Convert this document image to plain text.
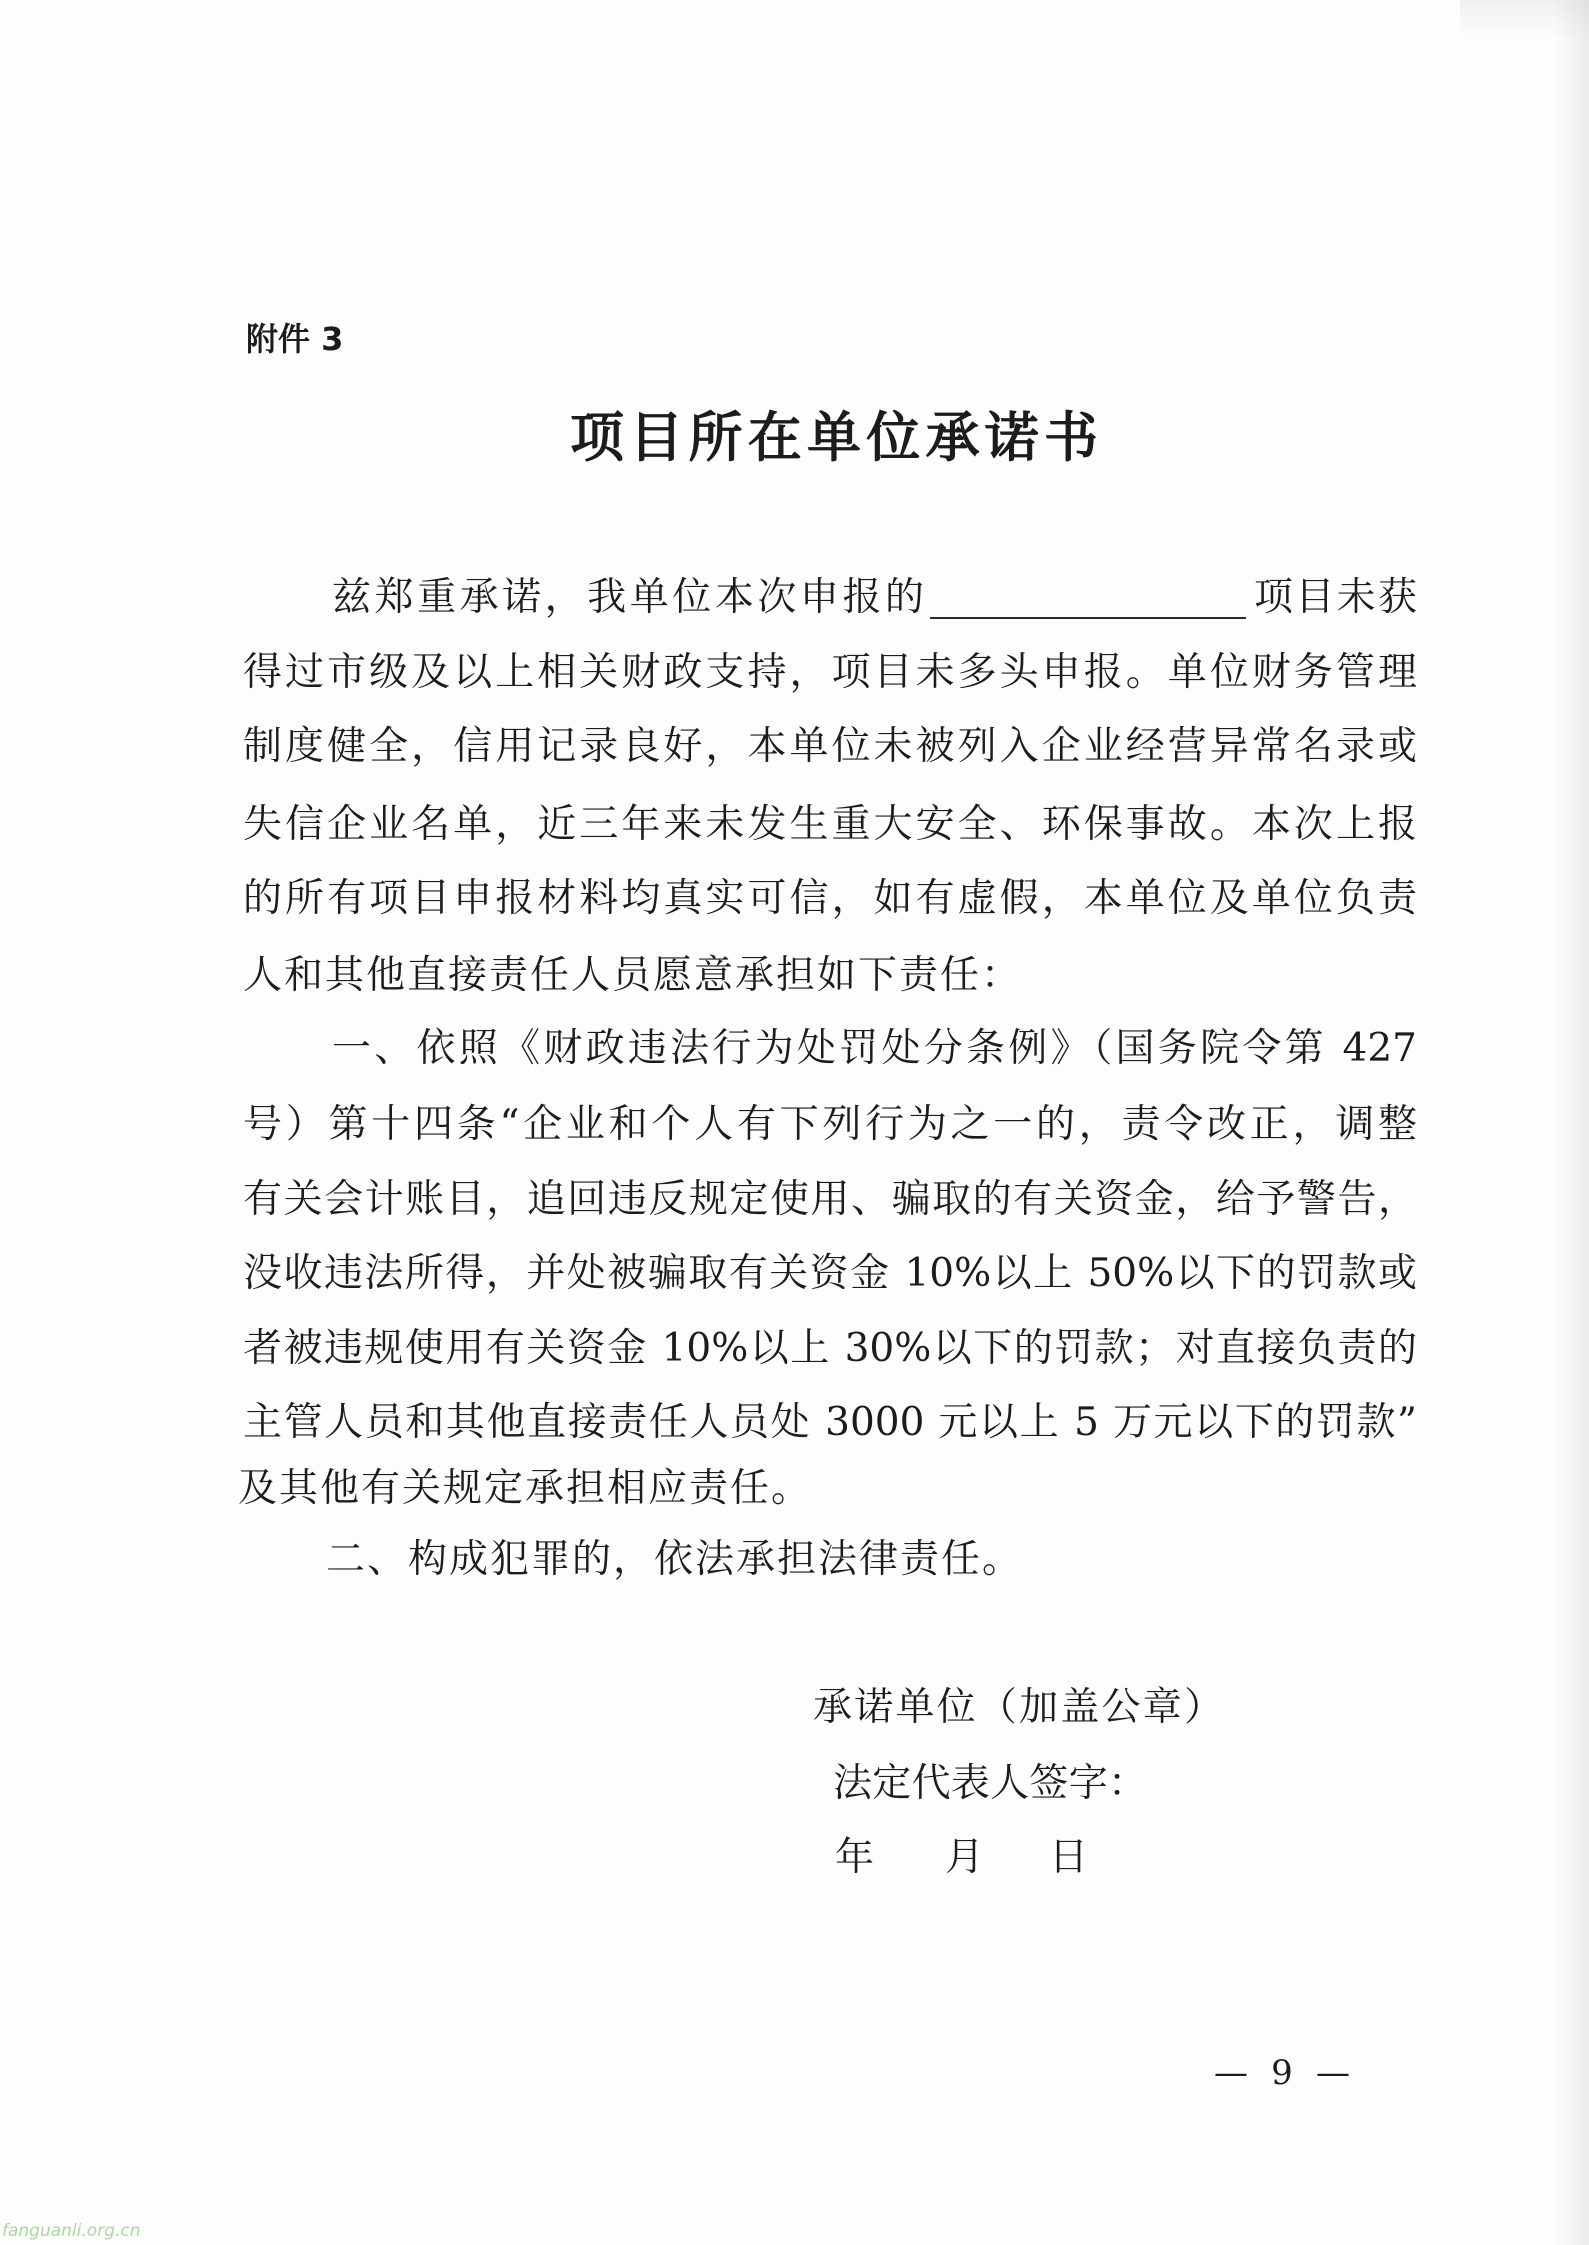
附件 3
项目所在单位承诺书
兹郑重承诺，我单位本次申报的	项目未获
得过市级及以上相关财政支持，项目未多头申报。单位财务管理
制度健全，信用记录良好，本单位未被列入企业经营异常名录或
失信企业名单，近三年来未发生重大安全、环保事故。本次上报
的所有项目申报材料均真实可信，如有虚假，本单位及单位负责
人和其他直接责任人员愿意承担如下责任：
一、依照《财政违法行为处罚处分条例》（国务院令第 427
号）第十四条“企业和个人有下列行为之一的，责令改正，调整
有关会计账目，追回违反规定使用、骗取的有关资金，给予警告，
没收违法所得，并处被骗取有关资金 10%以上 50%以下的罚款或
者被违规使用有关资金 10%以上 30%以下的罚款；对直接负责的
主管人员和其他直接责任人员处 3000 元以上 5 万元以下的罚款”
及其他有关规定承担相应责任。
二、构成犯罪的，依法承担法律责任。
承诺单位（加盖公章）
法定代表人签字：
年 月 日
— 9 —
fanguanli.org.cn
